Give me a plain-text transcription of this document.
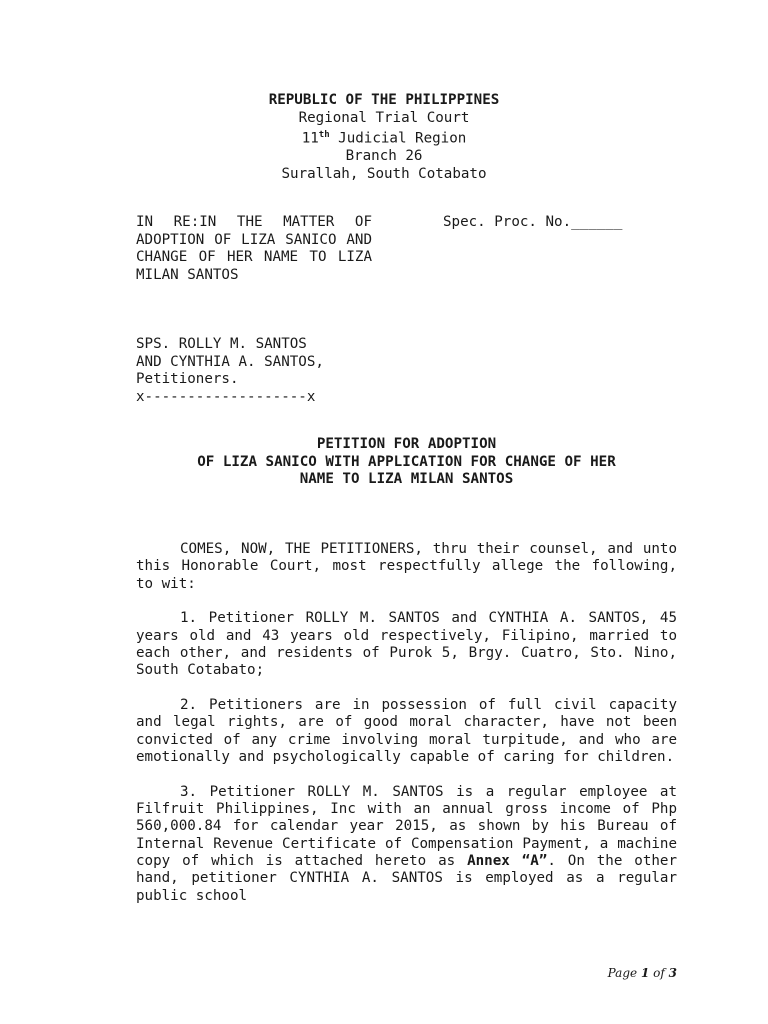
REPUBLIC OF THE PHILIPPINES
Regional Trial Court
11th Judicial Region
Branch 26
Surallah, South Cotabato
IN RE:IN THE MATTER OF ADOPTION OF LIZA SANICO AND CHANGE OF HER NAME TO LIZA MILAN SANTOS
Spec. Proc. No.______
SPS. ROLLY M. SANTOS
AND CYNTHIA A. SANTOS,
Petitioners.
x-------------------x
PETITION FOR ADOPTION
OF LIZA SANICO WITH APPLICATION FOR CHANGE OF HER
NAME TO LIZA MILAN SANTOS

COMES, NOW, THE PETITIONERS, thru their counsel, and unto this Honorable Court, most respectfully allege the following, to wit:

1. Petitioner ROLLY M. SANTOS and CYNTHIA A. SANTOS, 45 years old and 43 years old respectively, Filipino, married to each other, and residents of Purok 5, Brgy. Cuatro, Sto. Nino, South Cotabato;

2. Petitioners are in possession of full civil capacity and legal rights, are of good moral character, have not been convicted of any crime involving moral turpitude, and who are emotionally and psychologically capable of caring for children.

3. Petitioner ROLLY M. SANTOS is a regular employee at Filfruit Philippines, Inc with an annual gross income of Php 560,000.84 for calendar year 2015, as shown by his Bureau of Internal Revenue Certificate of Compensation Payment, a machine copy of which is attached hereto as Annex “A”. On the other hand, petitioner CYNTHIA A. SANTOS is employed as a regular public school

Page 1 of 3
